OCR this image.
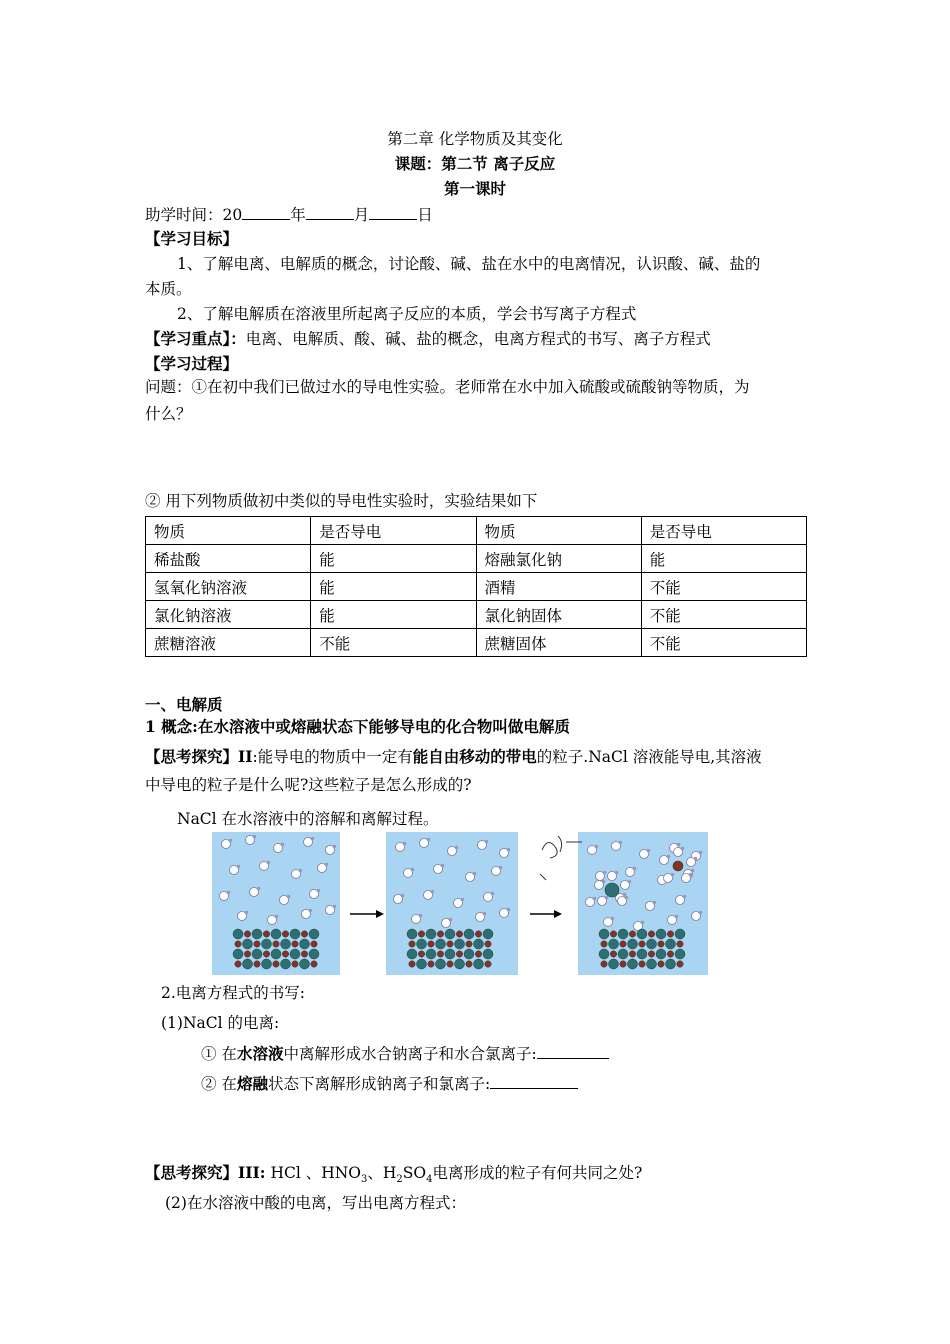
第二章 化学物质及其变化
课题：第二节 离子反应
第一课时
助学时间：20	年	月	日
【学习目标】
1、了解电离、电解质的概念，讨论酸、碱、盐在水中的电离情况，认识酸、碱、盐的
本质。
2、了解电解质在溶液里所起离子反应的本质，学会书写离子方程式
【学习重点】：电离、电解质、酸、碱、盐的概念，电离方程式的书写、离子方程式
【学习过程】
问题：①在初中我们已做过水的导电性实验。老师常在水中加入硫酸或硫酸钠等物质，为
什么？
② 用下列物质做初中类似的导电性实验时，实验结果如下
物质	是否导电	物质	是否导电
稀盐酸	能	熔融氯化钠	能
氢氧化钠溶液	能	酒精	不能
氯化钠溶液	能	氯化钠固体	不能
蔗糖溶液	不能	蔗糖固体	不能
一、电解质
1 概念:在水溶液中或熔融状态下能够导电的化合物叫做电解质
【思考探究】II:能导电的物质中一定有能自由移动的带电的粒子.NaCl 溶液能导电,其溶液
中导电的粒子是什么呢?这些粒子是怎么形成的?
NaCl 在水溶液中的溶解和离解过程。
2.电离方程式的书写:
(1)NaCl 的电离:
① 在水溶液中离解形成水合钠离子和水合氯离子:
② 在熔融状态下离解形成钠离子和氯离子:
【思考探究】III: HCl 、$HNO_3$、$H_2SO_4$电离形成的粒子有何共同之处?
(2)在水溶液中酸的电离，写出电离方程式：
